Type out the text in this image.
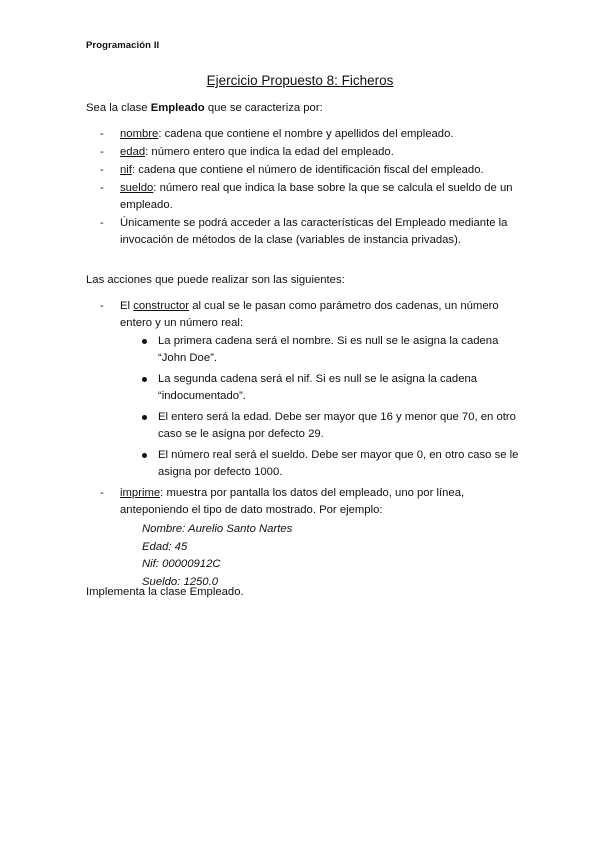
Programación II
Ejercicio Propuesto 8: Ficheros
Sea la clase Empleado que se caracteriza por:
- nombre: cadena que contiene el nombre y apellidos del empleado.
- edad: número entero que indica la edad del empleado.
- nif: cadena que contiene el número de identificación fiscal del empleado.
- sueldo: número real que indica la base sobre la que se calcula el sueldo de un empleado.
- Únicamente se podrá acceder a las características del Empleado mediante la invocación de métodos de la clase (variables de instancia privadas).
Las acciones que puede realizar son las siguientes:
- El constructor al cual se le pasan como parámetro dos cadenas, un número entero y un número real:
La primera cadena será el nombre. Si es null se le asigna la cadena “John Doe”.
La segunda cadena será el nif. Si es null se le asigna la cadena “indocumentado”.
El entero será la edad. Debe ser mayor que 16 y menor que 70, en otro caso se le asigna por defecto 29.
El número real será el sueldo. Debe ser mayor que 0, en otro caso se le asigna por defecto 1000.
- imprime: muestra por pantalla los datos del empleado, uno por línea, anteponiendo el tipo de dato mostrado. Por ejemplo:
Nombre: Aurelio Santo Nartes
Edad: 45
Nif: 00000912C
Sueldo: 1250.0
Implementa la clase Empleado.
